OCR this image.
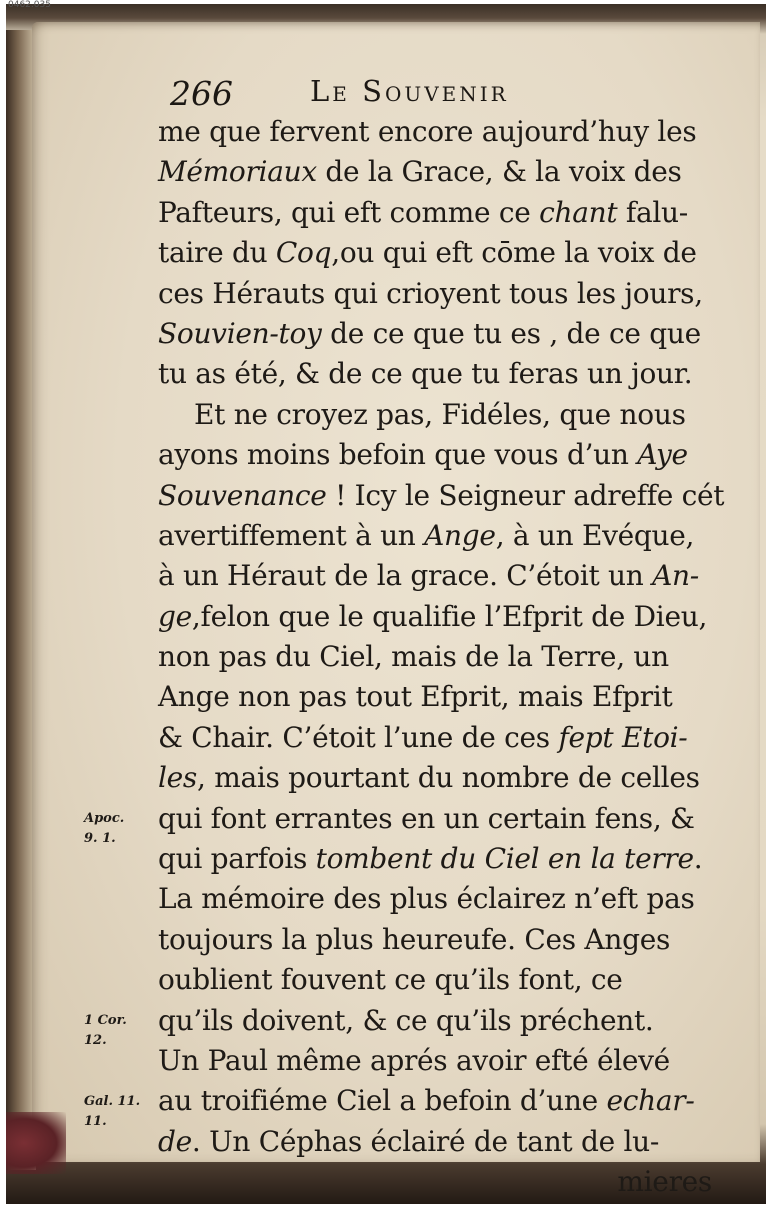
0462.035
266	Le Souvenir
me que fervent encore aujourd’huy les
Mémoriaux de la Grace, & la voix des
Pafteurs, qui eft comme ce chant falu-
taire du Coq,ou qui eft cōme la voix de
ces Hérauts qui crioyent tous les jours,
Souvien-toy de ce que tu es , de ce que
tu as été, & de ce que tu feras un jour.
Et ne croyez pas, Fidéles, que nous
ayons moins befoin que vous d’un Aye
Souvenance ! Icy le Seigneur adreffe cét
avertiffement à un Ange, à un Evéque,
à un Héraut de la grace. C’étoit un An-
ge,felon que le qualifie l’Efprit de Dieu,
non pas du Ciel, mais de la Terre, un
Ange non pas tout Efprit, mais Efprit
& Chair. C’étoit l’une de ces fept Etoi-
les, mais pourtant du nombre de celles
qui font errantes en un certain fens, &
qui parfois tombent du Ciel en la terre.
La mémoire des plus éclairez n’eft pas
toujours la plus heureufe. Ces Anges
oublient fouvent ce qu’ils font, ce
qu’ils doivent, & ce qu’ils préchent.
Un Paul même aprés avoir efté élevé
au troifiéme Ciel a befoin d’une echar-
de. Un Céphas éclairé de tant de lu-
mieres
Apoc.
9. 1.
1 Cor.
12.
Gal. 11.
11.
